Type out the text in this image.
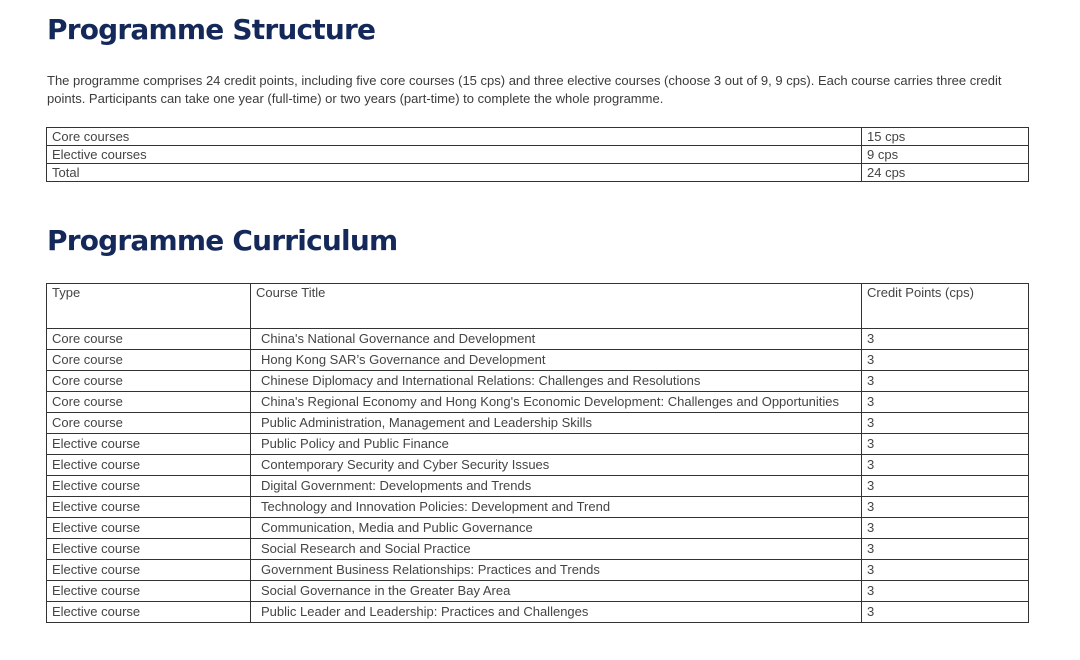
Programme Structure

The programme comprises 24 credit points, including five core courses (15 cps) and three elective courses (choose 3 out of 9, 9 cps). Each course carries three credit points. Participants can take one year (full-time) or two years (part-time) to complete the whole programme.

Core courses	15 cps
Elective courses	9 cps
Total	24 cps
Programme Curriculum
Type	Course Title	Credit Points (cps)
Core course	China's National Governance and Development	3
Core course	Hong Kong SAR’s Governance and Development	3
Core course	Chinese Diplomacy and International Relations: Challenges and Resolutions	3
Core course	China's Regional Economy and Hong Kong's Economic Development: Challenges and Opportunities	3
Core course	Public Administration, Management and Leadership Skills	3
Elective course	Public Policy and Public Finance	3
Elective course	Contemporary Security and Cyber Security Issues	3
Elective course	Digital Government: Developments and Trends	3
Elective course	Technology and Innovation Policies: Development and Trend	3
Elective course	Communication, Media and Public Governance	3
Elective course	Social Research and Social Practice	3
Elective course	Government Business Relationships: Practices and Trends	3
Elective course	Social Governance in the Greater Bay Area	3
Elective course	Public Leader and Leadership: Practices and Challenges	3
